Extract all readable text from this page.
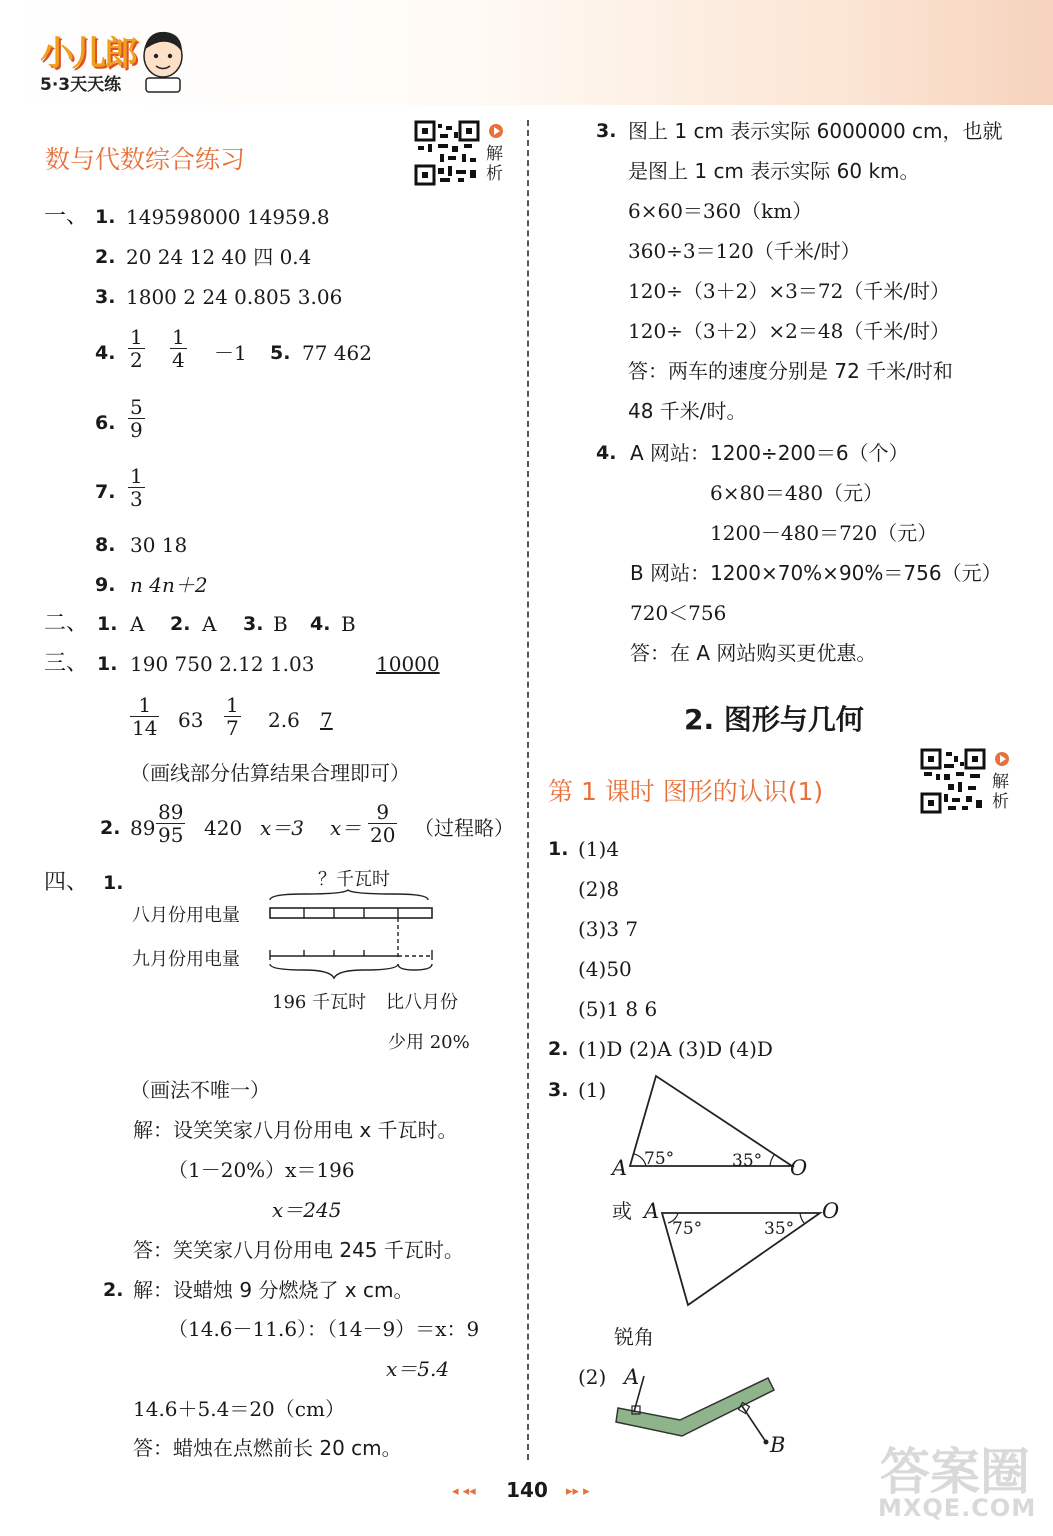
小儿郎
5·3天天练
数与代数综合练习	解
析
一、 1. 149598000 14959.8
2. 20 24 12 40 四 0.4
3. 1800 2 24 0.805 3.06
4. $\frac{1}{2} \frac{1}{4} -1$ 5. 77 462
6. $\frac{5}{9}$
7. $\frac{1}{3}$
8. 30 18
9. n 4n＋2
二、 1. A 2. A 3. B 4. B
三、 1. 190 750 2.12 1.03	10000
$\frac{1}{14} 63 \frac{1}{7} 2.6$ 7
（画线部分估算结果合理即可）
2. $89 \frac{89}{95} 420$ x＝3 $x= \frac{9}{20}$ （过程略）
四、 1.	？千瓦时
八月份用电量
九月份用电量
196 千瓦时 比八月份
少用 20%
（画法不唯一）
解：设笑笑家八月份用电 x 千瓦时。
（1－20%）x＝196
x＝245
答：笑笑家八月份用电 245 千瓦时。
2. 解：设蜡烛 9 分燃烧了 x cm。
（14.6－11.6）：（14－9）＝x：9
x＝5.4
14.6＋5.4＝20（cm）
答：蜡烛在点燃前长 20 cm。
3. 图上 1 cm 表示实际 6000000 cm，也就
是图上 1 cm 表示实际 60 km。
6×60＝360（km）
360÷3＝120（千米/时）
120÷（3＋2）×3＝72（千米/时）
120÷（3＋2）×2＝48（千米/时）
答：两车的速度分别是 72 千米/时和
48 千米/时。
4. A 网站：1200÷200＝6（个）
6×80＝480（元）
1200－480＝720（元）
B 网站：1200×70%×90%＝756（元）
720＜756
答：在 A 网站购买更优惠。
2. 图形与几何
第 1 课时 图形的认识(1)	解
析
1. (1)4
(2)8
(3)3 7
(4)50
(5)1 8 6
2. (1)D (2)A (3)D (4)D
3. (1)
A 75°	35° O
或 A	O
75°	35°
锐角
(2) A
B
◂ ◂◂	140	▸▸ ▸	答案圈
MXQE.COM
